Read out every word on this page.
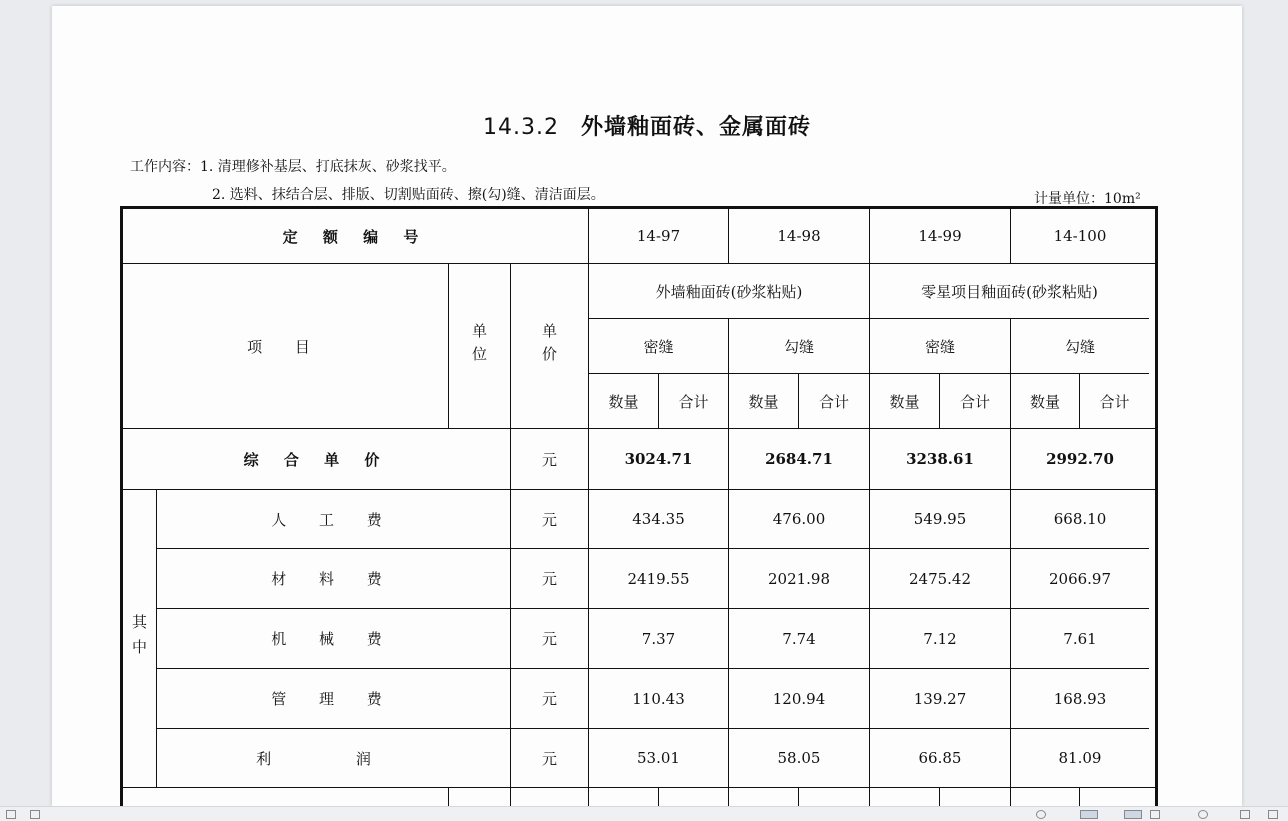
14.3.2 外墙釉面砖、金属面砖
工作内容：1. 清理修补基层、打底抹灰、砂浆找平。
2. 选料、抹结合层、排版、切割贴面砖、擦(勾)缝、清洁面层。	计量单位：10m²
定 额 编 号	14-97	14-98	14-99	14-100
项 目	单位	单价
外墙釉面砖(砂浆粘贴)	零星项目釉面砖(砂浆粘贴)
密缝	勾缝	密缝	勾缝
数量	合计	数量	合计	数量	合计	数量	合计
综 合 单 价	元	3024.71	2684.71	3238.61	2992.70
其中
人 工 费	元	434.35	476.00	549.95	668.10
材 料 费	元	2419.55	2021.98	2475.42	2066.97
机 械 费	元	7.37	7.74	7.12	7.61
管 理 费	元	110.43	120.94	139.27	168.93
利 润	元	53.01	58.05	66.85	81.09
